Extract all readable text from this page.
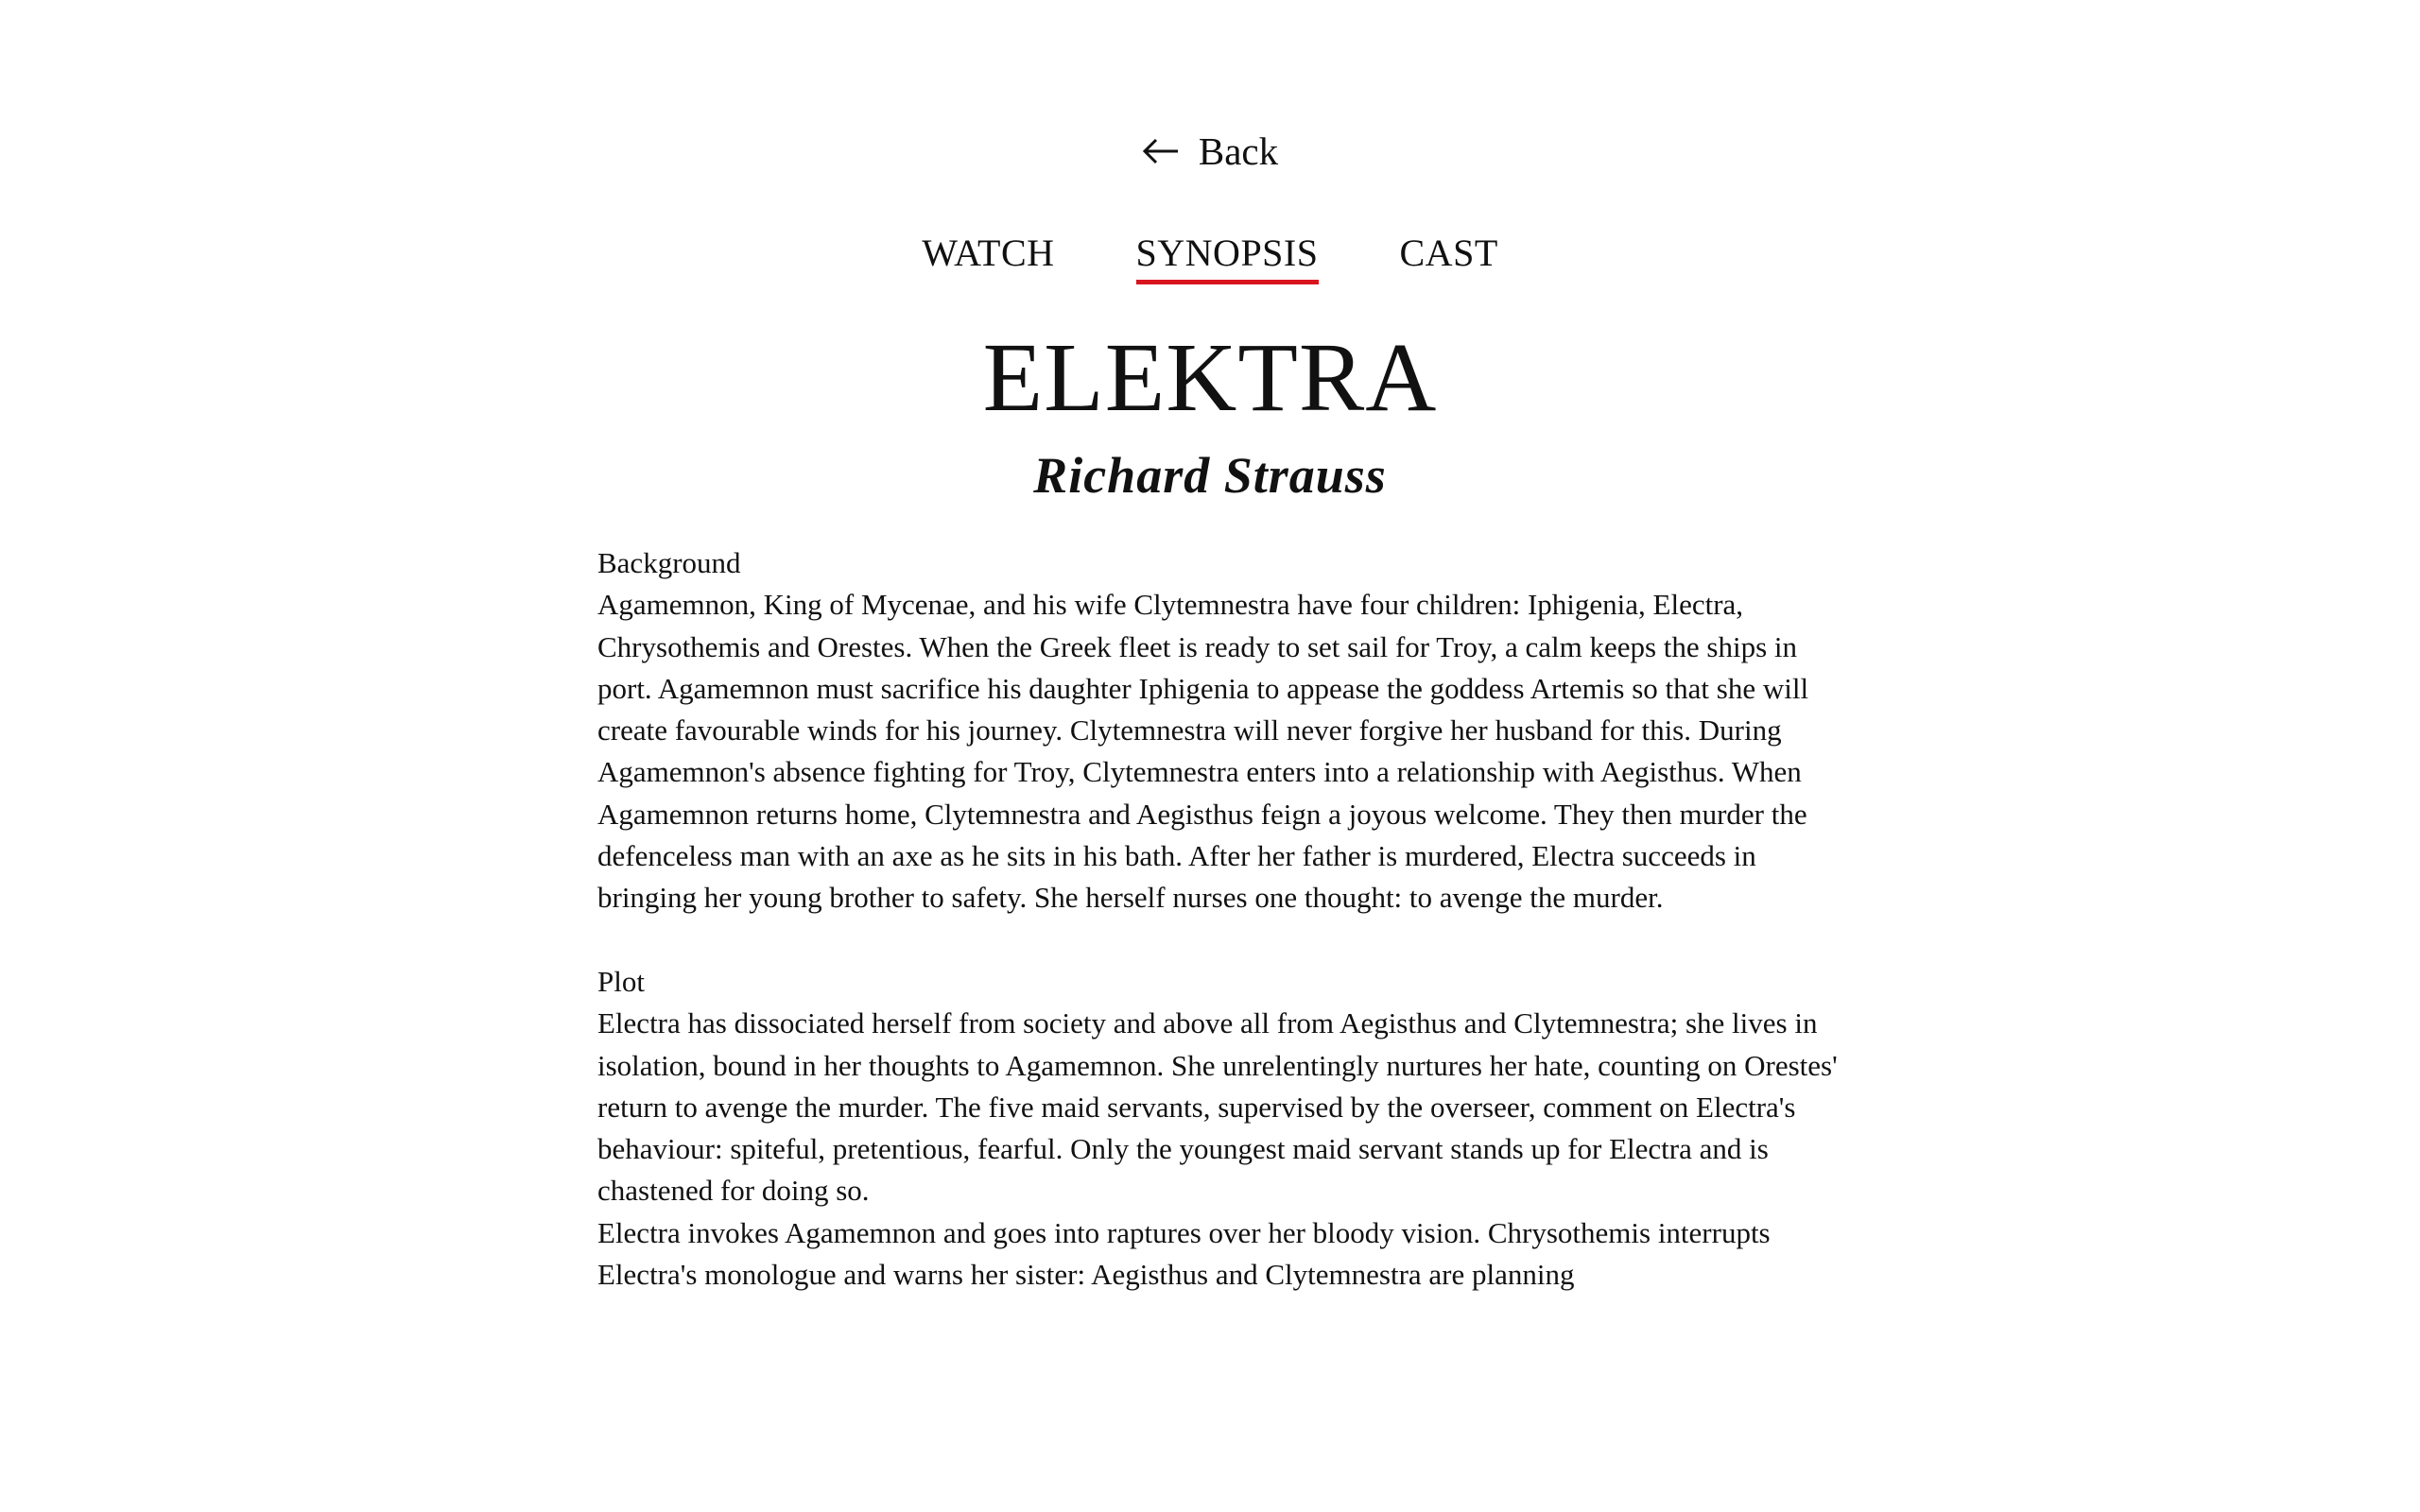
Back
WATCH SYNOPSIS CAST
ELEKTRA
Richard Strauss

Background

Agamemnon, King of Mycenae, and his wife Clytemnestra have four children: Iphigenia, Electra, Chrysothemis and Orestes. When the Greek fleet is ready to set sail for Troy, a calm keeps the ships in port. Agamemnon must sacrifice his daughter Iphigenia to appease the goddess Artemis so that she will create favourable winds for his journey. Clytemnestra will never forgive her husband for this. During Agamemnon's absence fighting for Troy, Clytemnestra enters into a relationship with Aegisthus. When Agamemnon returns home, Clytemnestra and Aegisthus feign a joyous welcome. They then murder the defenceless man with an axe as he sits in his bath. After her father is murdered, Electra succeeds in bringing her young brother to safety. She herself nurses one thought: to avenge the murder.

Plot

Electra has dissociated herself from society and above all from Aegisthus and Clytemnestra; she lives in isolation, bound in her thoughts to Agamemnon. She unrelentingly nurtures her hate, counting on Orestes' return to avenge the murder. The five maid servants, supervised by the overseer, comment on Electra's behaviour: spiteful, pretentious, fearful. Only the youngest maid servant stands up for Electra and is chastened for doing so.

Electra invokes Agamemnon and goes into raptures over her bloody vision. Chrysothemis interrupts Electra's monologue and warns her sister: Aegisthus and Clytemnestra are planning
